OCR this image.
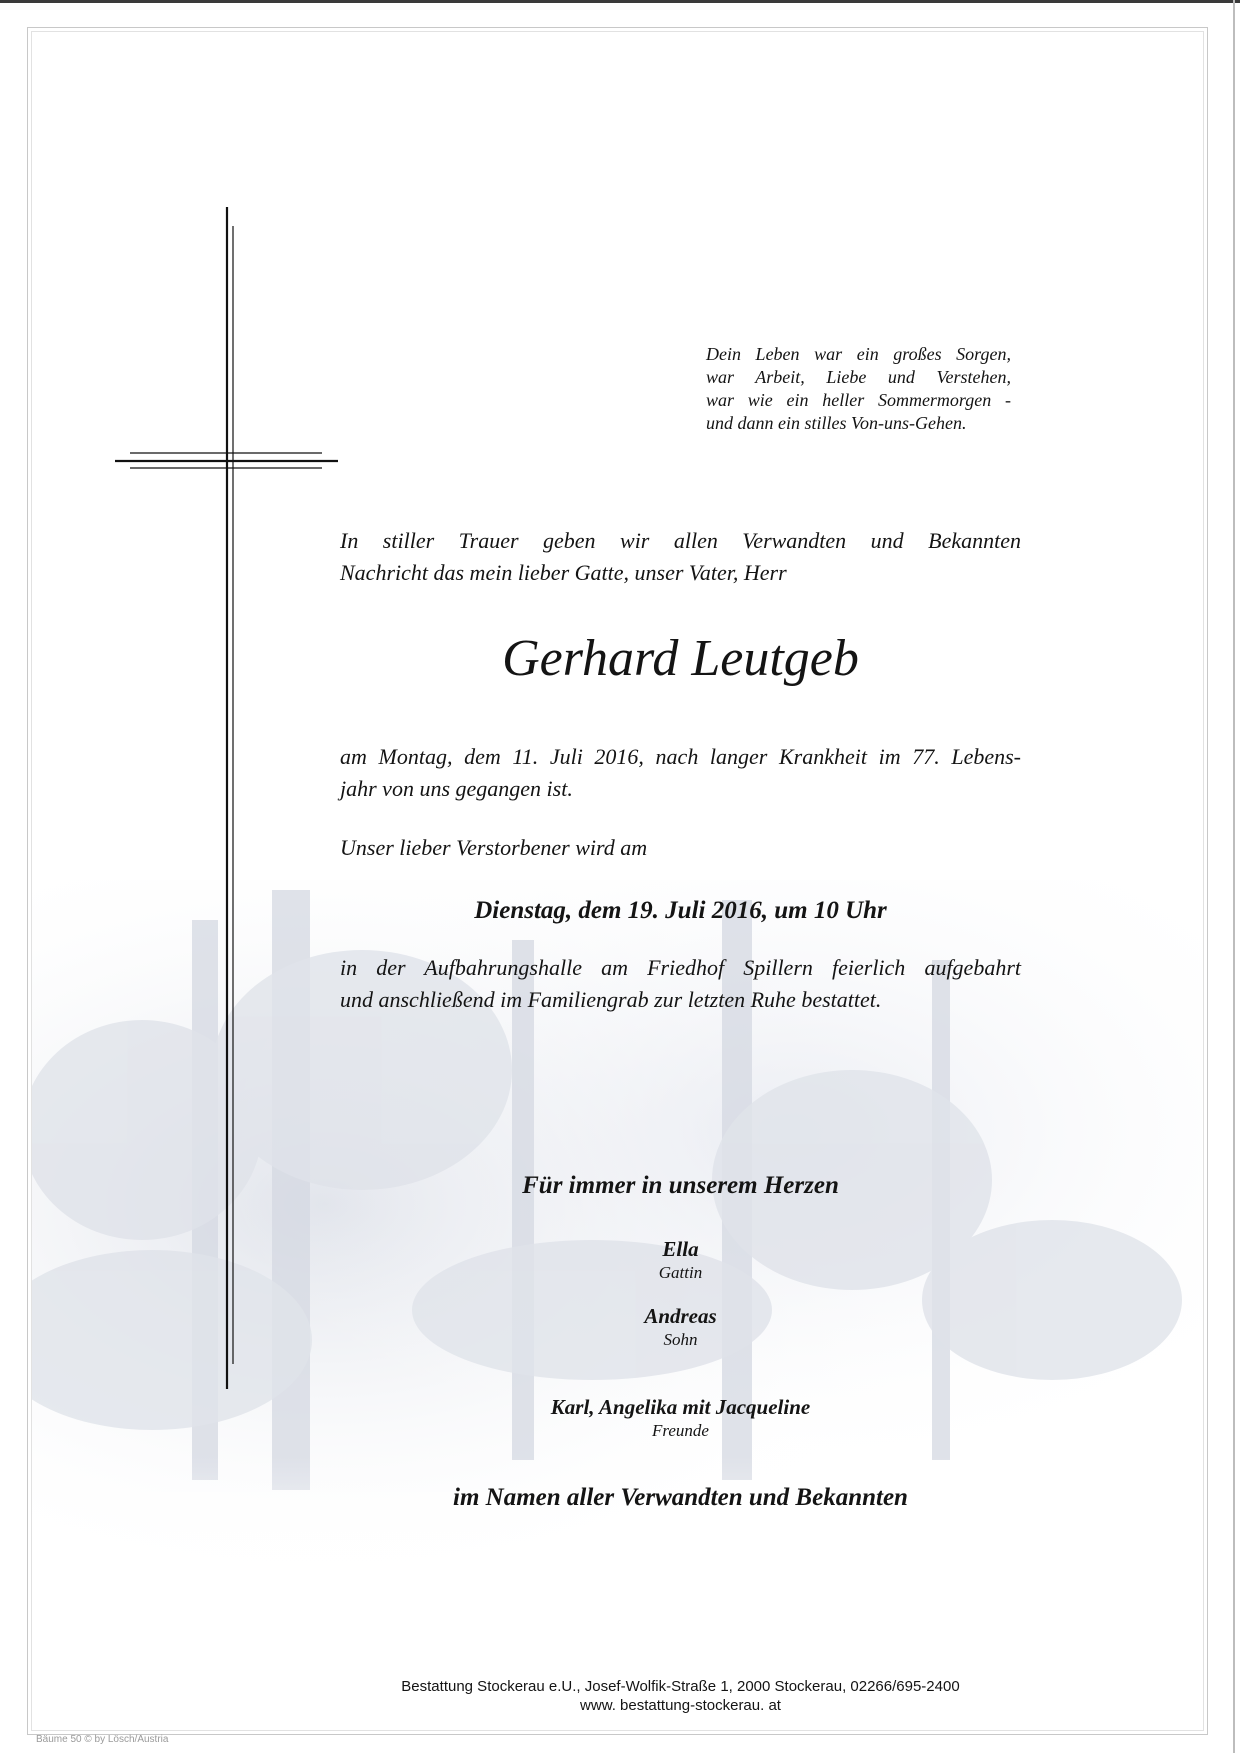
Dein Leben war ein großes Sorgen,
war Arbeit, Liebe und Verstehen,
war wie ein heller Sommermorgen -
und dann ein stilles Von-uns-Gehen.
In stiller Trauer geben wir allen Verwandten und Bekannten
Nachricht das mein lieber Gatte, unser Vater, Herr
Gerhard Leutgeb
am Montag, dem 11. Juli 2016, nach langer Krankheit im 77. Lebens-
jahr von uns gegangen ist.
Unser lieber Verstorbener wird am
Dienstag, dem 19. Juli 2016, um 10 Uhr
in der Aufbahrungshalle am Friedhof Spillern feierlich aufgebahrt
und anschließend im Familiengrab zur letzten Ruhe bestattet.
Für immer in unserem Herzen
Ella
Gattin
Andreas
Sohn
Karl, Angelika mit Jacqueline
Freunde
im Namen aller Verwandten und Bekannten
Bestattung Stockerau e.U., Josef-Wolfik-Straße 1, 2000 Stockerau, 02266/695-2400
www. bestattung-stockerau. at
Bäume 50 © by Lösch/Austria
